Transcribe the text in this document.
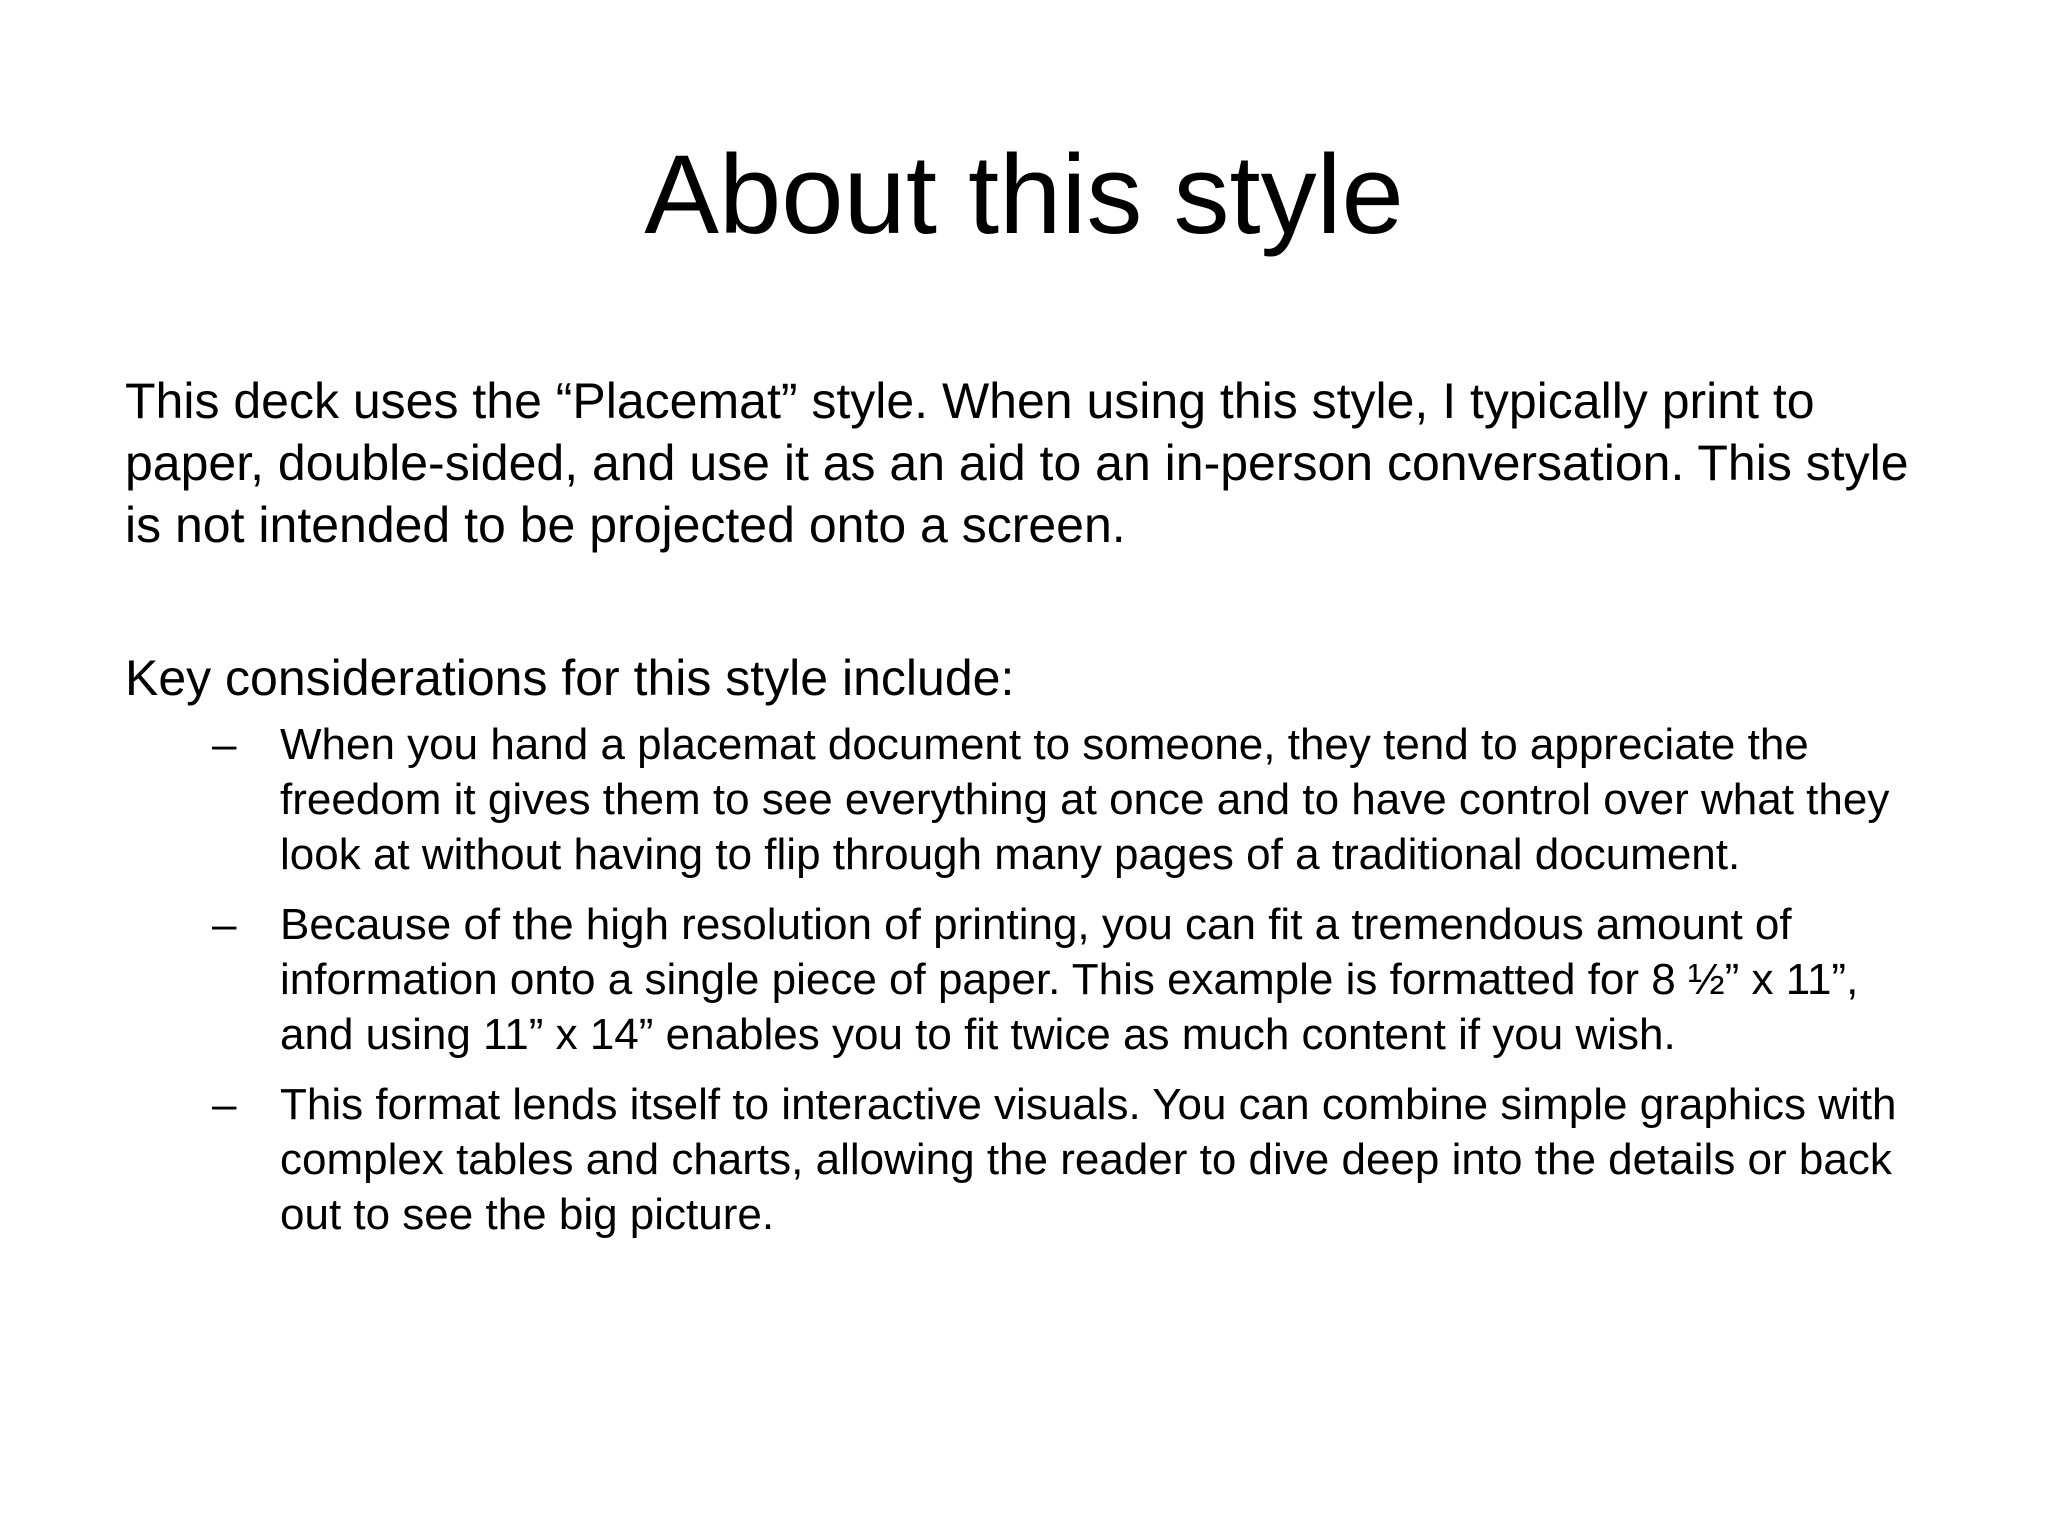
About this style

This deck uses the “Placemat” style. When using this style, I typically print to paper, double-sided, and use it as an aid to an in-person conversation. This style is not intended to be projected onto a screen.

Key considerations for this style include:

– When you hand a placemat document to someone, they tend to appreciate the freedom it gives them to see everything at once and to have control over what they look at without having to flip through many pages of a traditional document.
– Because of the high resolution of printing, you can fit a tremendous amount of information onto a single piece of paper. This example is formatted for 8 ½” x 11”, and using 11” x 14” enables you to fit twice as much content if you wish.
– This format lends itself to interactive visuals. You can combine simple graphics with complex tables and charts, allowing the reader to dive deep into the details or back out to see the big picture.
